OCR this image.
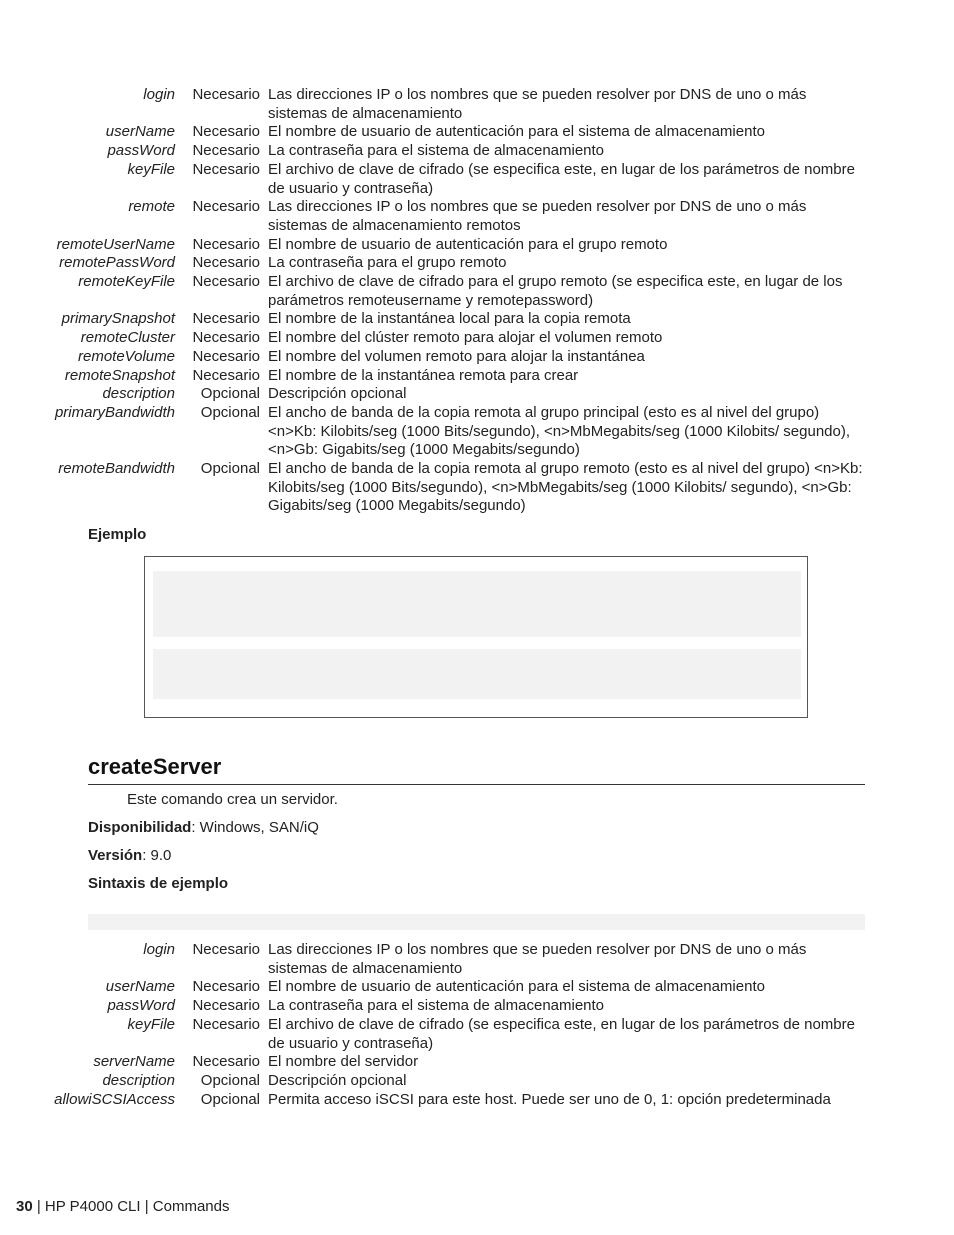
login	Necesario Las direcciones IP o los nombres que se pueden resolver por DNS de uno o más sistemas de almacenamiento
userName	Necesario El nombre de usuario de autenticación para el sistema de almacenamiento
passWord	Necesario La contraseña para el sistema de almacenamiento
keyFile	Necesario El archivo de clave de cifrado (se especifica este, en lugar de los parámetros de nombre de usuario y contraseña)
remote	Necesario Las direcciones IP o los nombres que se pueden resolver por DNS de uno o más sistemas de almacenamiento remotos
remoteUserName	Necesario El nombre de usuario de autenticación para el grupo remoto
remotePassWord	Necesario La contraseña para el grupo remoto
remoteKeyFile	Necesario El archivo de clave de cifrado para el grupo remoto (se especifica este, en lugar de los parámetros remoteusername y remotepassword)
primarySnapshot	Necesario El nombre de la instantánea local para la copia remota
remoteCluster	Necesario El nombre del clúster remoto para alojar el volumen remoto
remoteVolume	Necesario El nombre del volumen remoto para alojar la instantánea
remoteSnapshot	Necesario El nombre de la instantánea remota para crear
description	Opcional Descripción opcional
primaryBandwidth	Opcional El ancho de banda de la copia remota al grupo principal (esto es al nivel del grupo) <n>Kb: Kilobits/seg (1000 Bits/segundo), <n>MbMegabits/seg (1000 Kilobits/ segundo), <n>Gb: Gigabits/seg (1000 Megabits/segundo)
remoteBandwidth	Opcional El ancho de banda de la copia remota al grupo remoto (esto es al nivel del grupo) <n>Kb: Kilobits/seg (1000 Bits/segundo), <n>MbMegabits/seg (1000 Kilobits/ segundo), <n>Gb: Gigabits/seg (1000 Megabits/segundo)
Ejemplo
createServer
Este comando crea un servidor.
Disponibilidad: Windows, SAN/iQ
Versión: 9.0
Sintaxis de ejemplo
login	Necesario Las direcciones IP o los nombres que se pueden resolver por DNS de uno o más sistemas de almacenamiento
userName	Necesario El nombre de usuario de autenticación para el sistema de almacenamiento
passWord	Necesario La contraseña para el sistema de almacenamiento
keyFile	Necesario El archivo de clave de cifrado (se especifica este, en lugar de los parámetros de nombre de usuario y contraseña)
serverName	Necesario El nombre del servidor
description	Opcional Descripción opcional
allowiSCSIAccess	Opcional Permita acceso iSCSI para este host. Puede ser uno de 0, 1: opción predeterminada
30 | HP P4000 CLI | Commands
